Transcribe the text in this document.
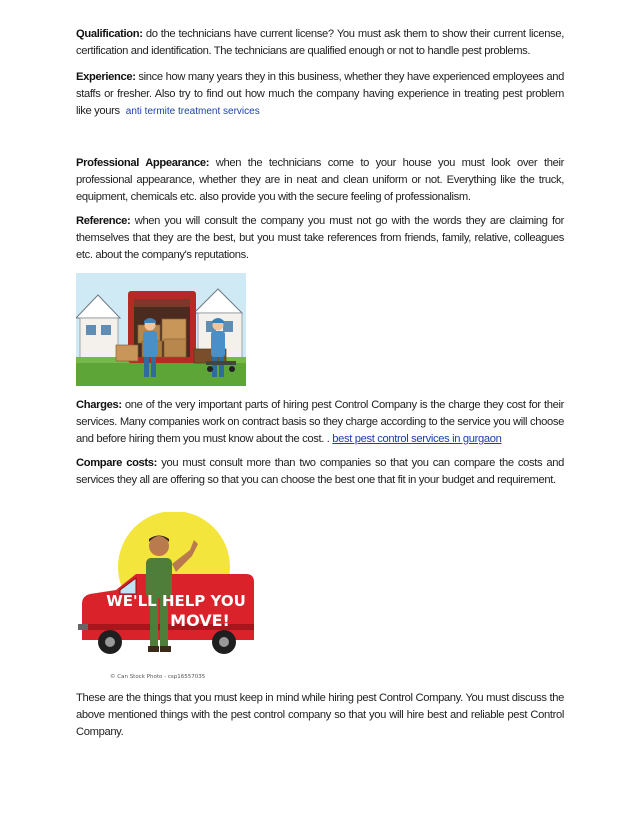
Qualification: do the technicians have current license? You must ask them to show their current license, certification and identification. The technicians are qualified enough or not to handle pest problems.
Experience: since how many years they in this business, whether they have experienced employees and staffs or fresher. Also try to find out how much the company having experience in treating pest problem like yours anti termite treatment services
Professional Appearance: when the technicians come to your house you must look over their professional appearance, whether they are in neat and clean uniform or not. Everything like the truck, equipment, chemicals etc. also provide you with the secure feeling of professionalism.
Reference: when you will consult the company you must not go with the words they are claiming for themselves that they are the best, but you must take references from friends, family, relative, colleagues etc. about the company's reputations.
Charges: one of the very important parts of hiring pest Control Company is the charge they cost for their services. Many companies work on contract basis so they charge according to the service you will choose and before hiring them you must know about the cost. . best pest control services in gurgaon
Compare costs: you must consult more than two companies so that you can compare the costs and services they all are offering so that you can choose the best one that fit in your budget and requirement.
WE'LL HELP YOU
MOVE!
© Can Stock Photo - csp16557035
These are the things that you must keep in mind while hiring pest Control Company. You must discuss the above mentioned things with the pest control company so that you will hire best and reliable pest Control Company.
